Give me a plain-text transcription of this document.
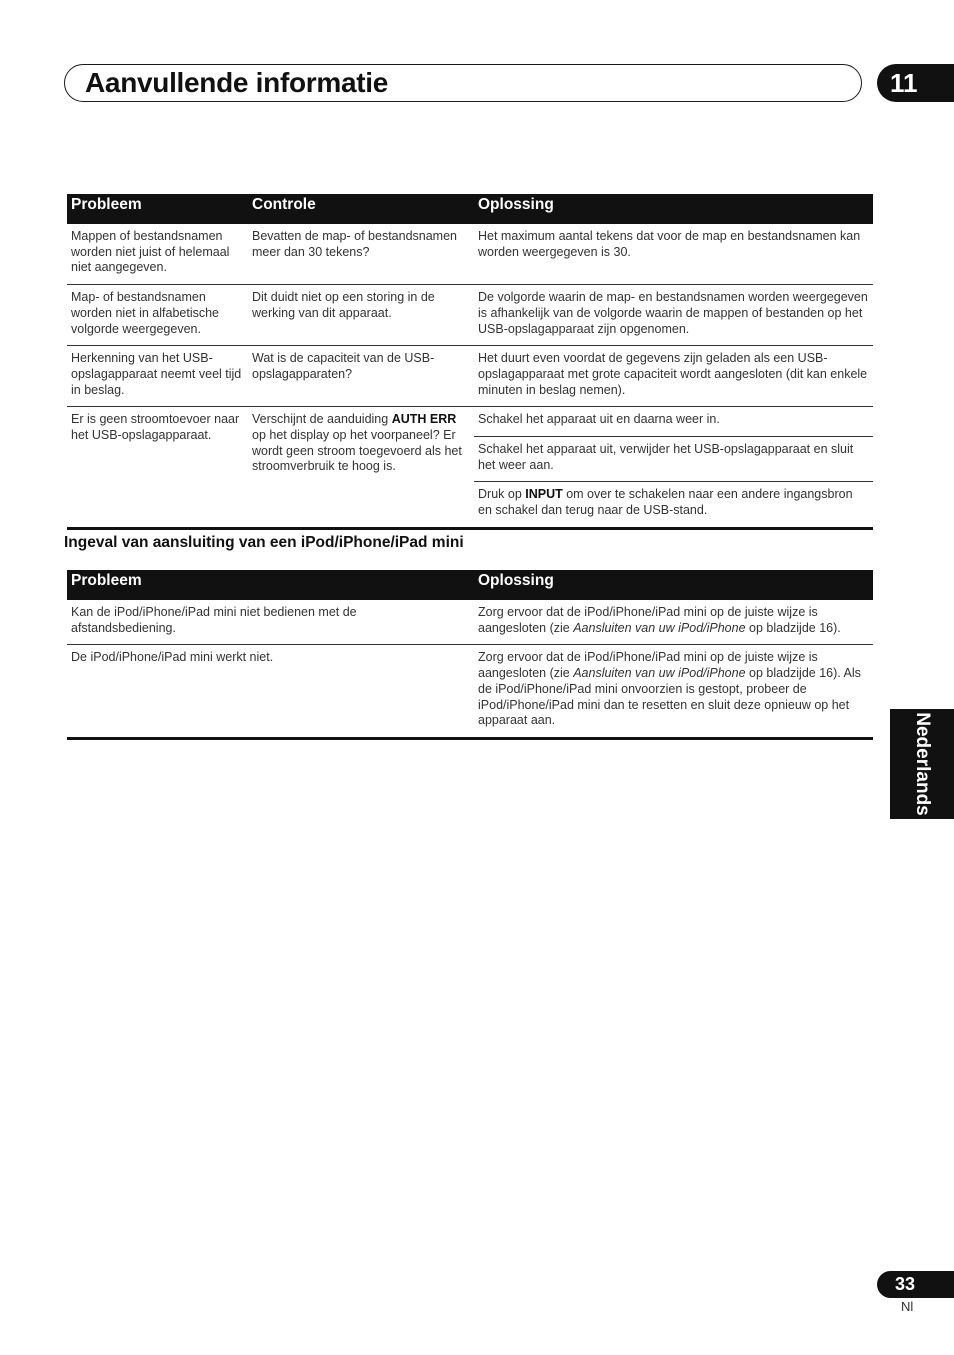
Aanvullende informatie	11
Probleem	Controle	Oplossing
Mappen of bestandsnamen worden niet juist of helemaal niet aangegeven.	Bevatten de map- of bestandsnamen meer dan 30 tekens?	Het maximum aantal tekens dat voor de map en bestandsnamen kan worden weergegeven is 30.
Map- of bestandsnamen worden niet in alfabetische volgorde weergegeven.	Dit duidt niet op een storing in de werking van dit apparaat.	De volgorde waarin de map- en bestandsnamen worden weergegeven is afhankelijk van de volgorde waarin de mappen of bestanden op het USB-opslagapparaat zijn opgenomen.
Herkenning van het USB-opslagapparaat neemt veel tijd in beslag.	Wat is de capaciteit van de USB-opslagapparaten?	Het duurt even voordat de gegevens zijn geladen als een USB-opslagapparaat met grote capaciteit wordt aangesloten (dit kan enkele minuten in beslag nemen).
Er is geen stroomtoevoer naar het USB-opslagapparaat.	Verschijnt de aanduiding AUTH ERR op het display op het voorpaneel? Er wordt geen stroom toegevoerd als het stroomverbruik te hoog is.	Schakel het apparaat uit en daarna weer in.
		Schakel het apparaat uit, verwijder het USB-opslagapparaat en sluit het weer aan.
		Druk op INPUT om over te schakelen naar een andere ingangsbron en schakel dan terug naar de USB-stand.
Ingeval van aansluiting van een iPod/iPhone/iPad mini
Probleem	Oplossing
Kan de iPod/iPhone/iPad mini niet bedienen met de afstandsbediening.	Zorg ervoor dat de iPod/iPhone/iPad mini op de juiste wijze is aangesloten (zie Aansluiten van uw iPod/iPhone op bladzijde 16).
De iPod/iPhone/iPad mini werkt niet.	Zorg ervoor dat de iPod/iPhone/iPad mini op de juiste wijze is aangesloten (zie Aansluiten van uw iPod/iPhone op bladzijde 16). Als de iPod/iPhone/iPad mini onvoorzien is gestopt, probeer de iPod/iPhone/iPad mini dan te resetten en sluit deze opnieuw op het apparaat aan.	Nederlands
33
Nl
